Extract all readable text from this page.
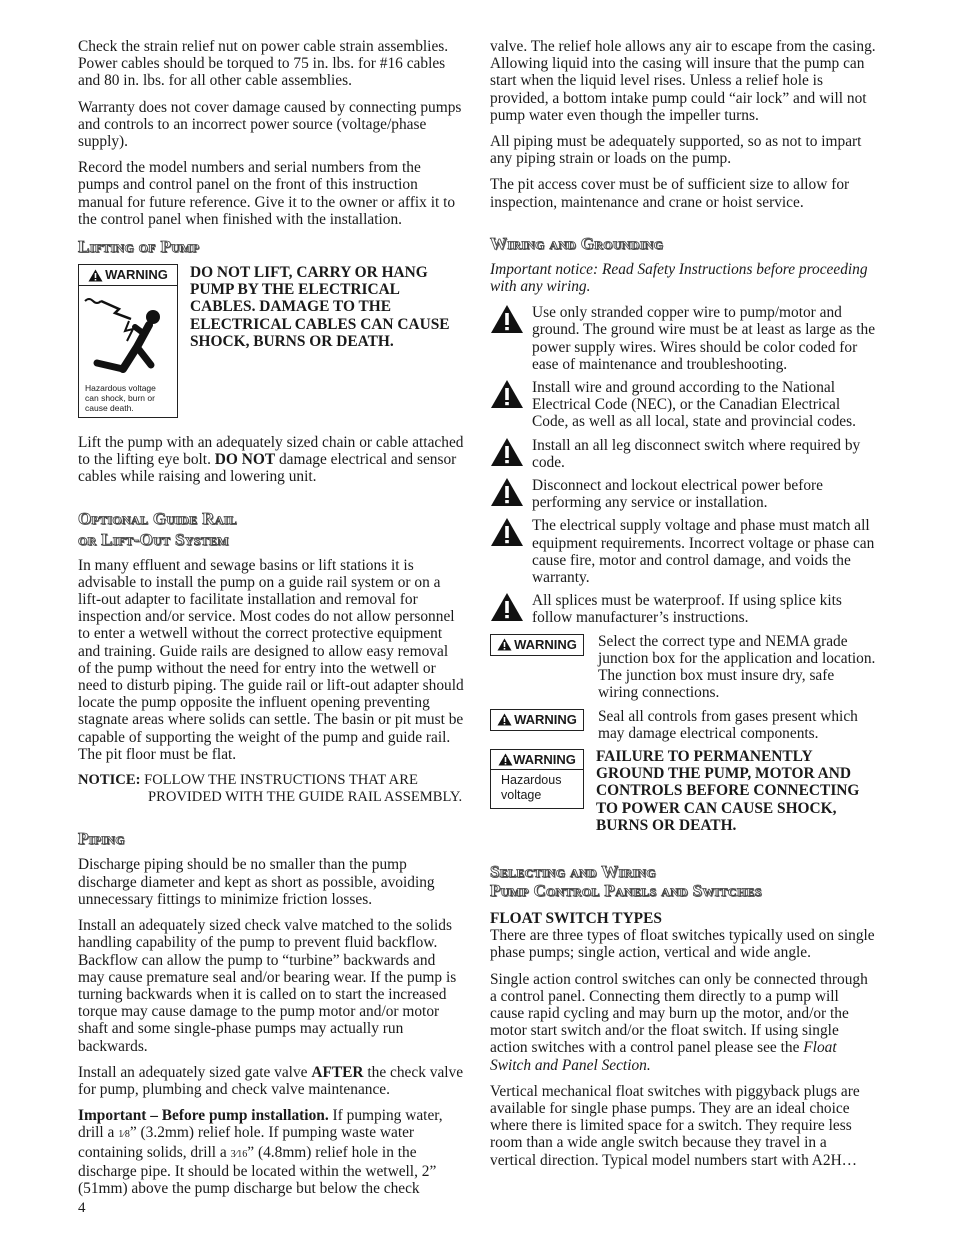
Check the strain relief nut on power cable strain assemblies. Power cables should be torqued to 75 in. lbs. for #16 cables and 80 in. lbs. for all other cable assemblies.

Warranty does not cover damage caused by connecting pumps and controls to an incorrect power source (voltage/phase supply).

Record the model numbers and serial numbers from the pumps and control panel on the front of this instruction manual for future reference. Give it to the owner or affix it to the control panel when finished with the installation.

Lifting of Pump
WARNING
Hazardous voltage can shock, burn or cause death.
DO NOT LIFT, CARRY OR HANG PUMP BY THE ELECTRICAL CABLES. DAMAGE TO THE ELECTRICAL CABLES CAN CAUSE SHOCK, BURNS OR DEATH.

Lift the pump with an adequately sized chain or cable attached to the lifting eye bolt. DO NOT damage electrical and sensor cables while raising and lowering unit.

Optional Guide Rail
or Lift-Out System

In many effluent and sewage basins or lift stations it is advisable to install the pump on a guide rail system or on a lift-out adapter to facilitate installation and removal for inspection and/or service. Most codes do not allow personnel to enter a wetwell without the correct protective equipment and training. Guide rails are designed to allow easy removal of the pump without the need for entry into the wetwell or need to disturb piping. The guide rail or lift-out adapter should locate the pump opposite the influent opening preventing stagnate areas where solids can settle. The basin or pit must be capable of supporting the weight of the pump and guide rail. The pit floor must be flat.

NOTICE: FOLLOW THE INSTRUCTIONS THAT ARE
PROVIDED WITH THE GUIDE RAIL ASSEMBLY.
Piping

Discharge piping should be no smaller than the pump discharge diameter and kept as short as possible, avoiding unnecessary fittings to minimize friction losses.

Install an adequately sized check valve matched to the solids handling capability of the pump to prevent fluid backflow. Backflow can allow the pump to “turbine” backwards and may cause premature seal and/or bearing wear. If the pump is turning backwards when it is called on to start the increased torque may cause damage to the pump motor and/or motor shaft and some single-phase pumps may actually run backwards.

Install an adequately sized gate valve AFTER the check valve for pump, plumbing and check valve maintenance.

Important – Before pump installation. If pumping water, drill a 1⁄8” (3.2mm) relief hole. If pumping waste water containing solids, drill a 3⁄16” (4.8mm) relief hole in the discharge pipe. It should be located within the wetwell, 2” (51mm) above the pump discharge but below the check

4

valve. The relief hole allows any air to escape from the casing. Allowing liquid into the casing will insure that the pump can start when the liquid level rises. Unless a relief hole is provided, a bottom intake pump could “air lock” and will not pump water even though the impeller turns.

All piping must be adequately supported, so as not to impart any piping strain or loads on the pump.

The pit access cover must be of sufficient size to allow for inspection, maintenance and crane or hoist service.

Wiring and Grounding

Important notice: Read Safety Instructions before proceeding with any wiring.

Use only stranded copper wire to pump/motor and ground. The ground wire must be at least as large as the power supply wires. Wires should be color coded for ease of maintenance and troubleshooting.
Install wire and ground according to the National Electrical Code (NEC), or the Canadian Electrical Code, as well as all local, state and provincial codes.
Install an all leg disconnect switch where required by code.
Disconnect and lockout electrical power before performing any service or installation.
The electrical supply voltage and phase must match all equipment requirements. Incorrect voltage or phase can cause fire, motor and control damage, and voids the warranty.
All splices must be waterproof. If using splice kits follow manufacturer’s instructions.
WARNING Select the correct type and NEMA grade junction box for the application and location. The junction box must insure dry, safe wiring connections.
WARNING Seal all controls from gases present which may damage electrical components.
WARNING
Hazardous voltage
FAILURE TO PERMANENTLY GROUND THE PUMP, MOTOR AND CONTROLS BEFORE CONNECTING TO POWER CAN CAUSE SHOCK, BURNS OR DEATH.
Selecting and Wiring
Pump Control Panels and Switches

FLOAT SWITCH TYPES

There are three types of float switches typically used on single phase pumps; single action, vertical and wide angle.

Single action control switches can only be connected through a control panel. Connecting them directly to a pump will cause rapid cycling and may burn up the motor, and/or the motor start switch and/or the float switch. If using single action switches with a control panel please see the Float Switch and Panel Section.

Vertical mechanical float switches with piggyback plugs are available for single phase pumps. They are an ideal choice where there is limited space for a switch. They require less room than a wide angle switch because they travel in a vertical direction. Typical model numbers start with A2H…
